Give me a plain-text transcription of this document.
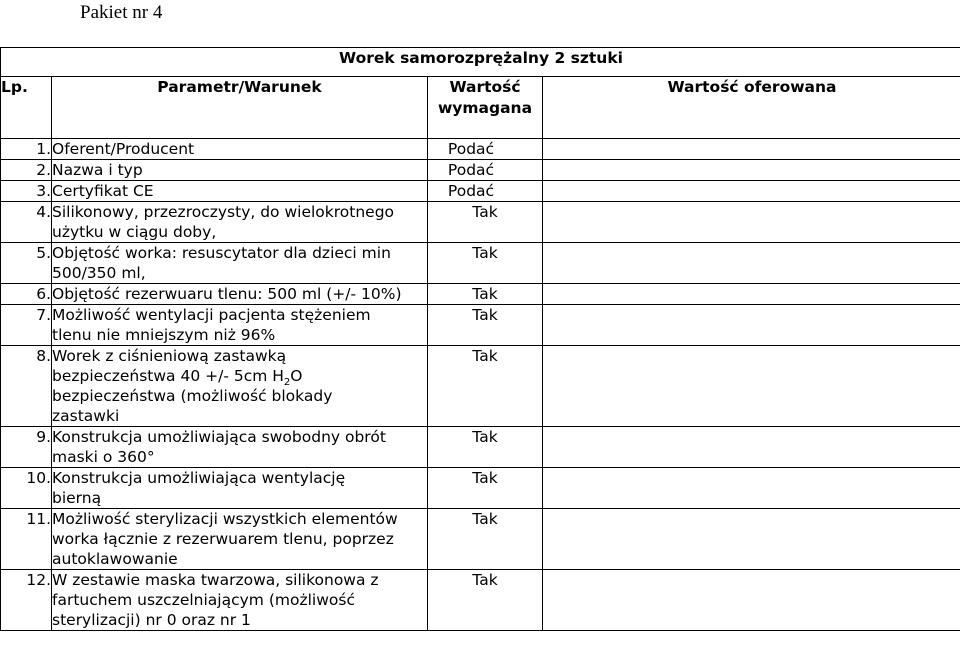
Pakiet nr 4
Worek samorozprężalny 2 sztuki			
Lp.	Parametr/Warunek	Wartość
wymagana	Wartość oferowana
1.	Oferent/Producent	Podać	
2.	Nazwa i typ	Podać	
3.	Certyfikat CE	Podać	
4.	Silikonowy, przezroczysty, do wielokrotnego
użytku w ciągu doby,	Tak	
5.	Objętość worka: resuscytator dla dzieci min
500/350 ml,	Tak	
6.	Objętość rezerwuaru tlenu: 500 ml (+/- 10%)	Tak	
7.	Możliwość wentylacji pacjenta stężeniem
tlenu nie mniejszym niż 96%	Tak	
8.	Worek z ciśnieniową zastawką
bezpieczeństwa 40 +/- 5cm $H_2O$
bezpieczeństwa (możliwość blokady
zastawki	Tak	
9.	Konstrukcja umożliwiająca swobodny obrót
maski o 360°	Tak	
10.	Konstrukcja umożliwiająca wentylację
bierną	Tak	
11.	Możliwość sterylizacji wszystkich elementów
worka łącznie z rezerwuarem tlenu, poprzez
autoklawowanie	Tak	
12.	W zestawie maska twarzowa, silikonowa z
fartuchem uszczelniającym (możliwość
sterylizacji) nr 0 oraz nr 1	Tak	
